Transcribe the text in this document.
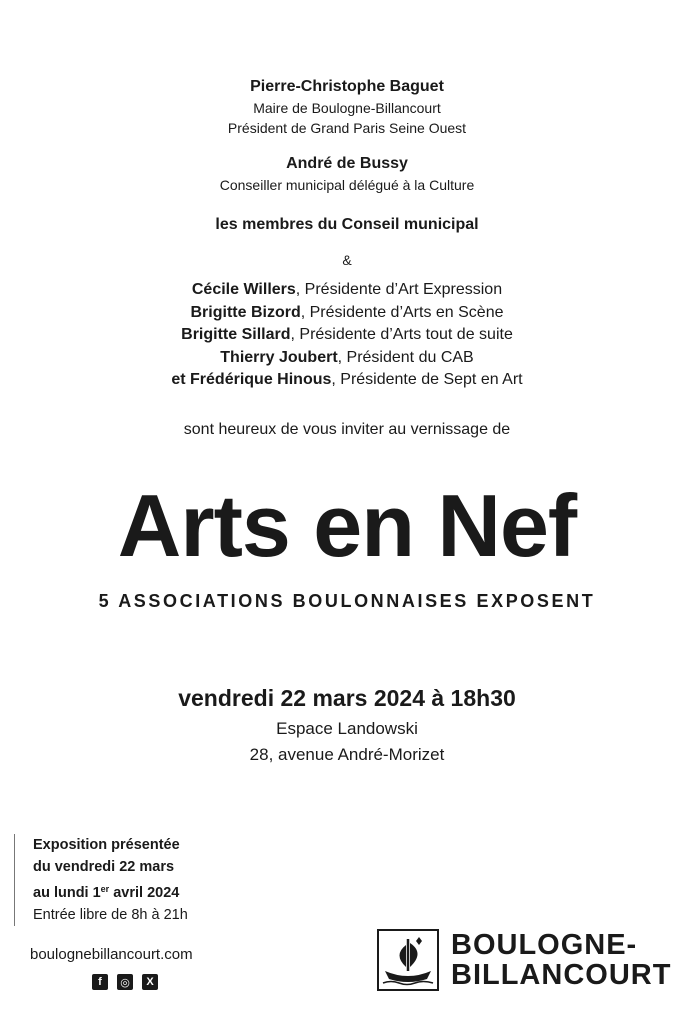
Pierre-Christophe Baguet
Maire de Boulogne-Billancourt
Président de Grand Paris Seine Ouest
André de Bussy
Conseiller municipal délégué à la Culture
les membres du Conseil municipal
&
Cécile Willers, Présidente d’Art Expression
Brigitte Bizord, Présidente d’Arts en Scène
Brigitte Sillard, Présidente d’Arts tout de suite
Thierry Joubert, Président du CAB
et Frédérique Hinous, Présidente de Sept en Art
sont heureux de vous inviter au vernissage de
Arts en Nef
5 ASSOCIATIONS BOULONNAISES EXPOSENT
vendredi 22 mars 2024 à 18h30
Espace Landowski
28, avenue André-Morizet
Exposition présentée
du vendredi 22 mars
au lundi 1er avril 2024
Entrée libre de 8h à 21h
boulognebillancourt.com
f	◎	X
BOULOGNE-
BILLANCOURT
